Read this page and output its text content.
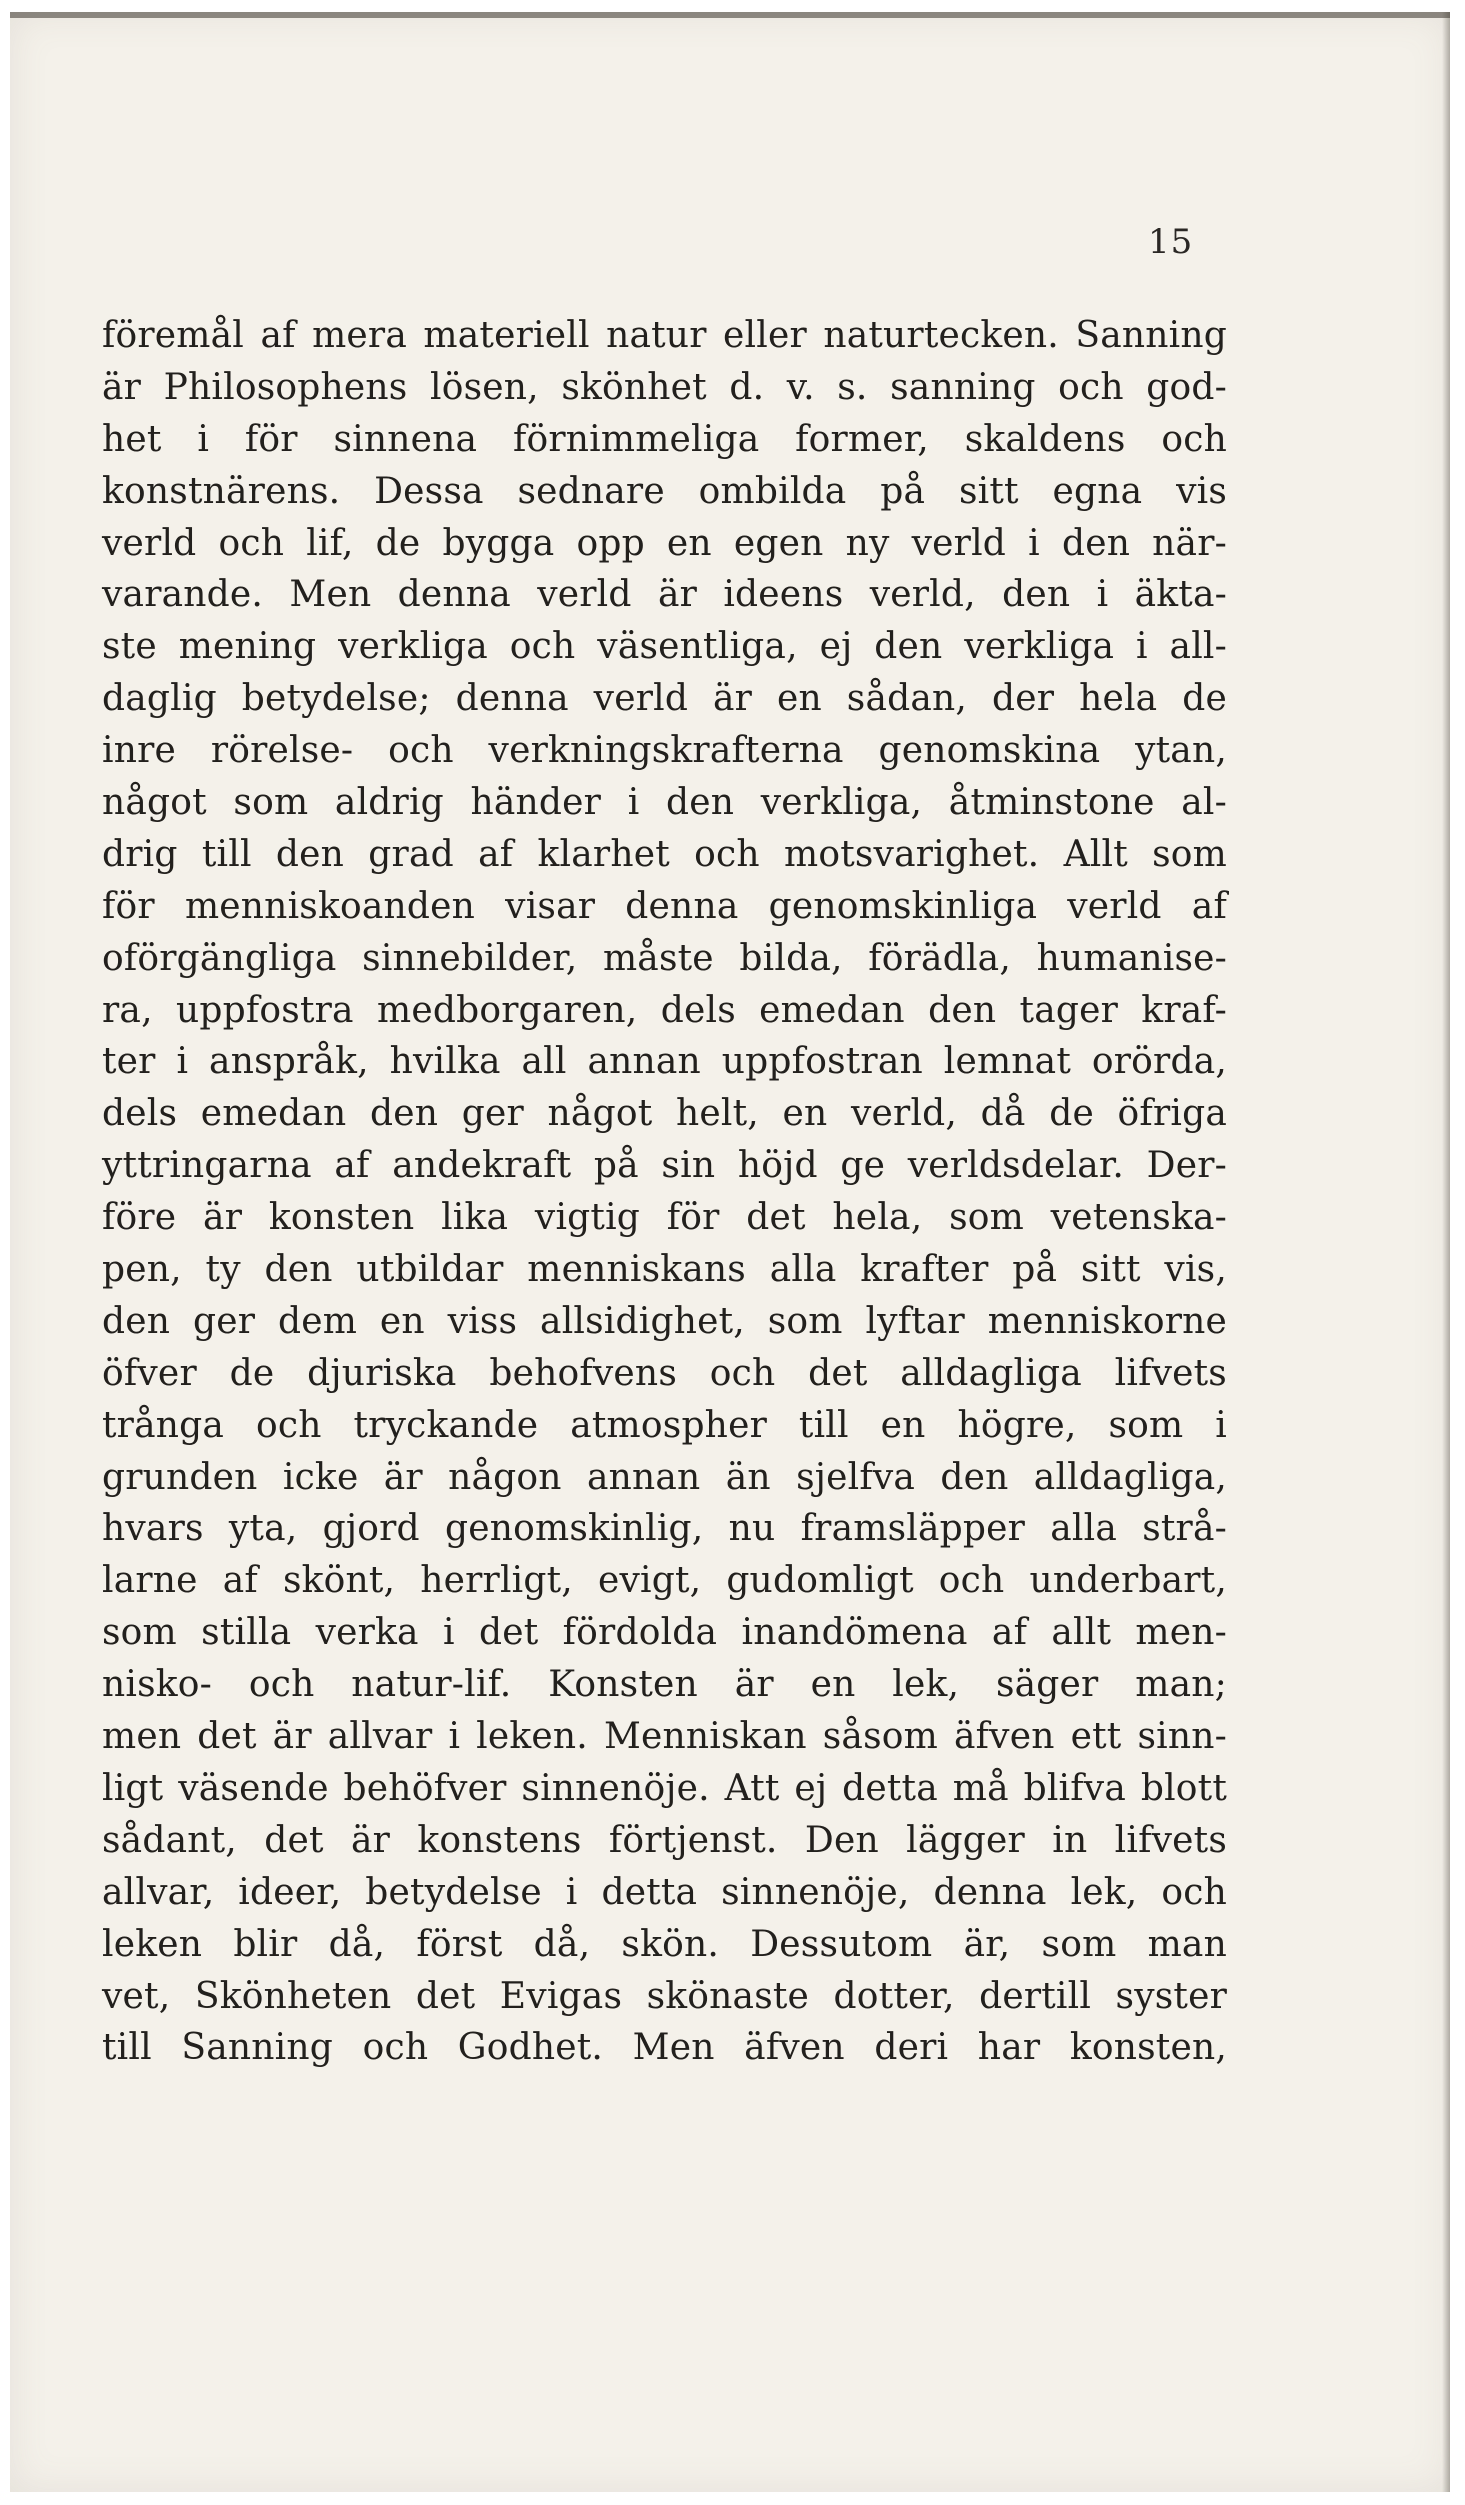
15
föremål af mera materiell natur eller naturtecken. Sanning
är Philosophens lösen, skönhet d. v. s. sanning och god-
het i för sinnena förnimmeliga former, skaldens och
konstnärens. Dessa sednare ombilda på sitt egna vis
verld och lif, de bygga opp en egen ny verld i den när-
varande. Men denna verld är ideens verld, den i äkta-
ste mening verkliga och väsentliga, ej den verkliga i all-
daglig betydelse; denna verld är en sådan, der hela de
inre rörelse- och verkningskrafterna genomskina ytan,
något som aldrig händer i den verkliga, åtminstone al-
drig till den grad af klarhet och motsvarighet. Allt som
för menniskoanden visar denna genomskinliga verld af
oförgängliga sinnebilder, måste bilda, förädla, humanise-
ra, uppfostra medborgaren, dels emedan den tager kraf-
ter i anspråk, hvilka all annan uppfostran lemnat orörda,
dels emedan den ger något helt, en verld, då de öfriga
yttringarna af andekraft på sin höjd ge verldsdelar. Der-
före är konsten lika vigtig för det hela, som vetenska-
pen, ty den utbildar menniskans alla krafter på sitt vis,
den ger dem en viss allsidighet, som lyftar menniskorne
öfver de djuriska behofvens och det alldagliga lifvets
trånga och tryckande atmospher till en högre, som i
grunden icke är någon annan än sjelfva den alldagliga,
hvars yta, gjord genomskinlig, nu framsläpper alla strå-
larne af skönt, herrligt, evigt, gudomligt och underbart,
som stilla verka i det fördolda inandömena af allt men-
nisko- och natur-lif. Konsten är en lek, säger man;
men det är allvar i leken. Menniskan såsom äfven ett sinn-
ligt väsende behöfver sinnenöje. Att ej detta må blifva blott
sådant, det är konstens förtjenst. Den lägger in lifvets
allvar, ideer, betydelse i detta sinnenöje, denna lek, och
leken blir då, först då, skön. Dessutom är, som man
vet, Skönheten det Evigas skönaste dotter, dertill syster
till Sanning och Godhet. Men äfven deri har konsten,
